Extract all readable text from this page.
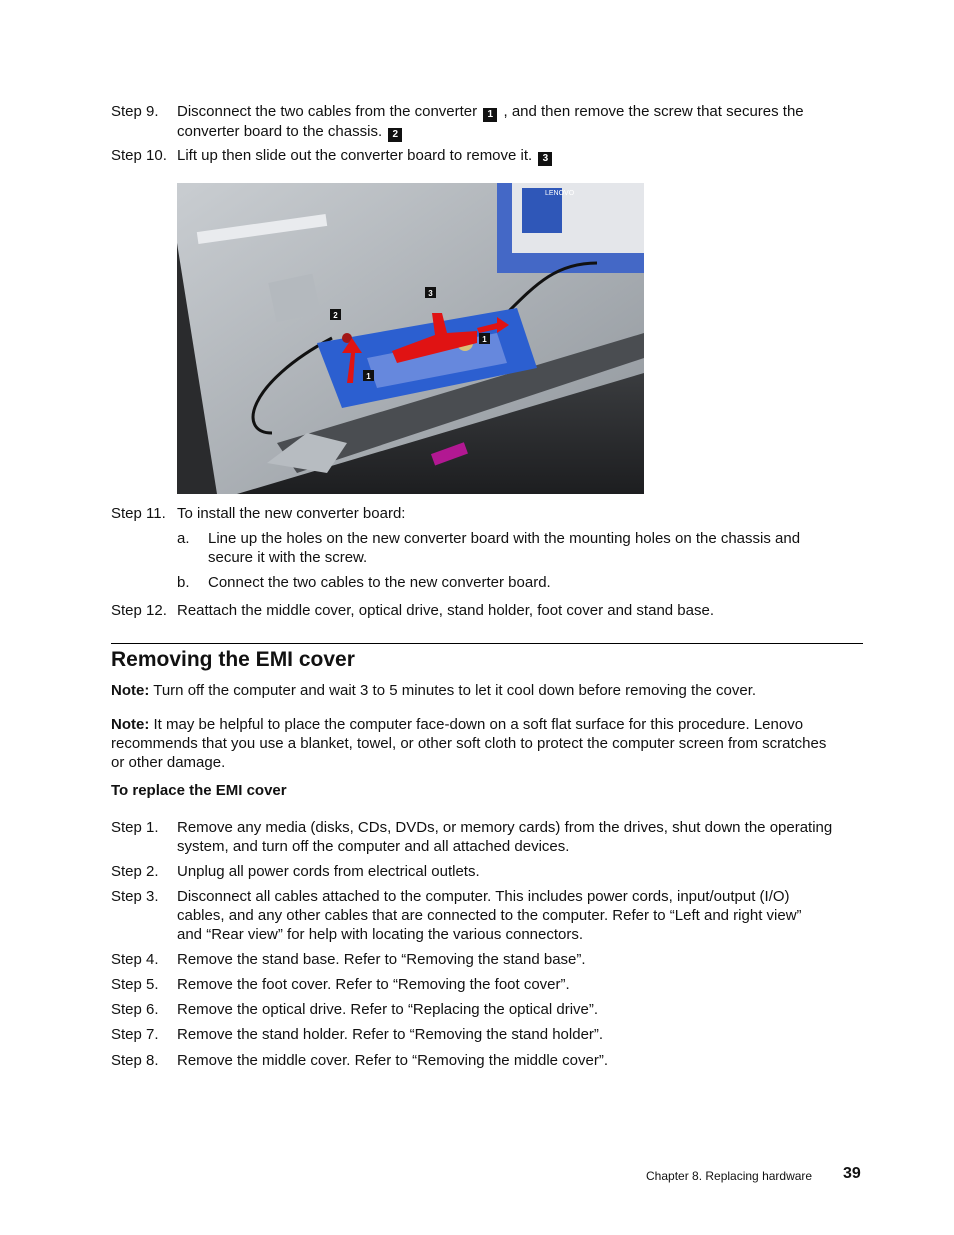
Step 9. Disconnect the two cables from the converter 1 , and then remove the screw that secures the
converter board to the chassis. 2
Step 10. Lift up then slide out the converter board to remove it. 3
3
2
1
1
LENOVO
Step 11. To install the new converter board:
a. Line up the holes on the new converter board with the mounting holes on the chassis and
secure it with the screw.
b. Connect the two cables to the new converter board.
Step 12. Reattach the middle cover, optical drive, stand holder, foot cover and stand base.
Removing the EMI cover
Note: Turn off the computer and wait 3 to 5 minutes to let it cool down before removing the cover.
Note: It may be helpful to place the computer face-down on a soft flat surface for this procedure. Lenovo
recommends that you use a blanket, towel, or other soft cloth to protect the computer screen from scratches
or other damage.
To replace the EMI cover
Step 1. Remove any media (disks, CDs, DVDs, or memory cards) from the drives, shut down the operating
system, and turn off the computer and all attached devices.
Step 2. Unplug all power cords from electrical outlets.
Step 3. Disconnect all cables attached to the computer. This includes power cords, input/output (I/O)
cables, and any other cables that are connected to the computer. Refer to “Left and right view”
and “Rear view” for help with locating the various connectors.
Step 4. Remove the stand base. Refer to “Removing the stand base”.
Step 5. Remove the foot cover. Refer to “Removing the foot cover”.
Step 6. Remove the optical drive. Refer to “Replacing the optical drive”.
Step 7. Remove the stand holder. Refer to “Removing the stand holder”.
Step 8. Remove the middle cover. Refer to “Removing the middle cover”.
Chapter 8. Replacing hardware 39
